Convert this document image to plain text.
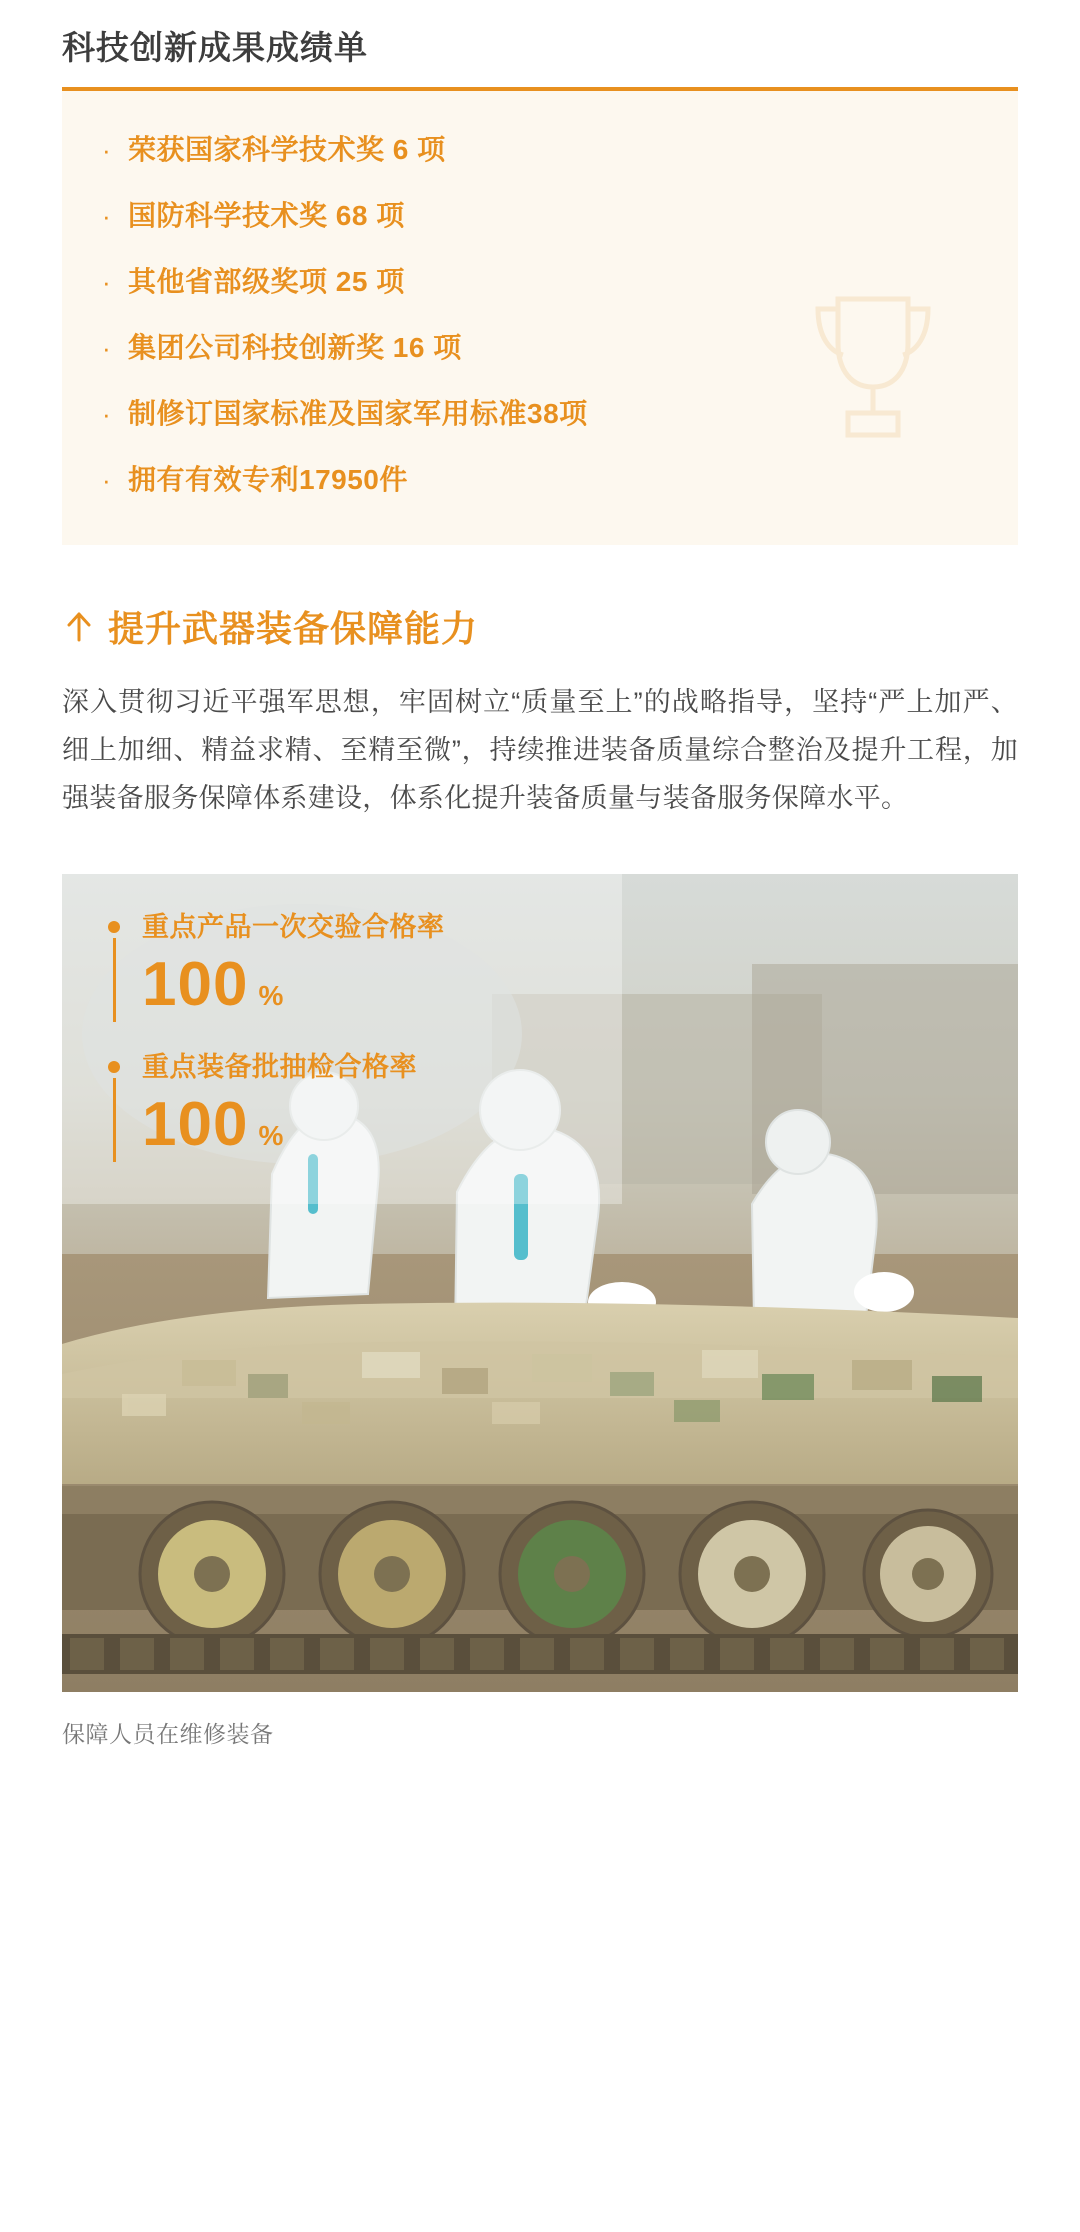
科技创新成果成绩单
· 荣获国家科学技术奖 6 项
· 国防科学技术奖 68 项
· 其他省部级奖项 25 项
· 集团公司科技创新奖 16 项
· 制修订国家标准及国家军用标准38项
· 拥有有效专利17950件
提升武器装备保障能力

深入贯彻习近平强军思想，牢固树立“质量至上”的战略指导，坚持“严上加严、细上加细、精益求精、至精至微”，持续推进装备质量综合整治及提升工程，加强装备服务保障体系建设，体系化提升装备质量与装备服务保障水平。

重点产品一次交验合格率
100 %
重点装备批抽检合格率
100 %
保障人员在维修装备
